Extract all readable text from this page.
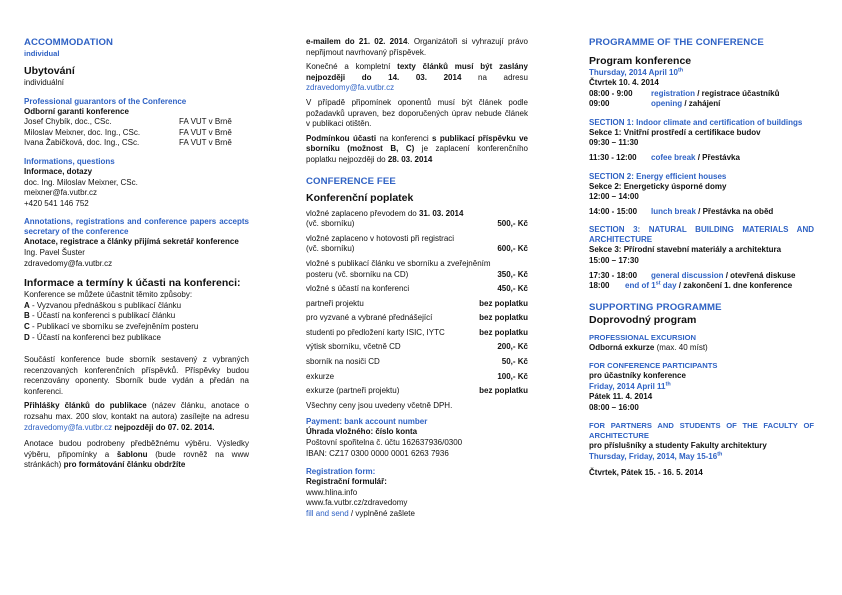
ACCOMMODATION
individual
Ubytování
individuální
Professional guarantors of the Conference
Odborní garanti konference
Josef Chybík, doc., CSc.	FA VUT v Brně
Miloslav Meixner, doc. Ing., CSc.	FA VUT v Brně
Ivana Žabičková, doc. Ing., CSc.	FA VUT v Brně
Informations, questions
Informace, dotazy
doc. Ing. Miloslav Meixner, CSc.
meixner@fa.vutbr.cz
+420 541 146 752
Annotations, registrations and conference papers accepts secretary of the conference
Anotace, registrace a články přijímá sekretář konference
Ing. Pavel Šuster
zdravedomy@fa.vutbr.cz
Informace a termíny k účasti na konferenci:
Konference se můžete účastnit těmito způsoby:
A - Vyzvanou přednáškou s publikací článku
B - Účastí na konferenci s publikací článku
C - Publikací ve sborníku se zveřejněním posteru
D - Účastí na konferenci bez publikace
Součástí konference bude sborník sestavený z vybraných recenzovaných konferenčních příspěvků. Příspěvky budou recenzovány oponenty. Sborník bude vydán a předán na konferenci.
Přihlášky článků do publikace (název článku, anotace o rozsahu max. 200 slov, kontakt na autora) zasílejte na adresu zdravedomy@fa.vutbr.cz nejpozději do 07. 02. 2014.
Anotace budou podrobeny předběžnému výběru. Výsledky výběru, připomínky a šablonu (bude rovněž na www stránkách) pro formátování článku obdržíte
e-mailem do 21. 02. 2014. Organizátoři si vyhrazují právo nepřijmout navrhovaný příspěvek.
Konečné a kompletní texty článků musí být zaslány nejpozději do 14. 03. 2014 na adresu zdravedomy@fa.vutbr.cz
V případě připomínek oponentů musí být článek podle požadavků upraven, bez doporučených úprav nebude článek v publikaci otištěn.
Podmínkou účasti na konferenci s publikací příspěvku ve sborníku (možnost B, C) je zaplacení konferenčního poplatku nejpozději do 28. 03. 2014
CONFERENCE FEE
Konferenční poplatek
vložné zaplaceno převodem do 31. 03. 2014
(vč. sborníku)	500,- Kč
vložné zaplaceno v hotovosti při registraci
(vč. sborníku)	600,- Kč
vložné s publikací článku ve sborníku a zveřejněním
posteru (vč. sborníku na CD)	350,- Kč
vložné s účastí na konferenci	450,- Kč
partneři projektu	bez poplatku
pro vyzvané a vybrané přednášející	bez poplatku
studenti po předložení karty ISIC, IYTC	bez poplatku
výtisk sborníku, včetně CD	200,- Kč
sborník na nosiči CD	50,- Kč
exkurze	100,- Kč
exkurze (partneři projektu)	bez poplatku
Všechny ceny jsou uvedeny včetně DPH.
Payment: bank account number
Úhrada vložného: číslo konta
Poštovní spořitelna č. účtu 162637936/0300
IBAN: CZ17 0300 0000 0001 6263 7936
Registration form:
Registrační formulář:
www.hlina.info
www.fa.vutbr.cz/zdravedomy
fill and send / vyplněné zašlete
PROGRAMME OF THE CONFERENCE
Program konference
Thursday, 2014 April 10th
Čtvrtek 10. 4. 2014
08:00 - 9:00	registration / registrace účastníků
09:00	opening / zahájení
SECTION 1: Indoor climate and certification of buildings
Sekce 1: Vnitřní prostředí a certifikace budov
09:30 – 11:30
11:30 - 12:00	cofee break / Přestávka
SECTION 2: Energy efficient houses
Sekce 2: Energeticky úsporné domy
12:00 – 14:00
14:00 - 15:00	lunch break / Přestávka na oběd
SECTION 3: NATURAL BUILDING MATERIALS AND ARCHITECTURE
Sekce 3: Přírodní stavební materiály a architektura
15:00 – 17:30
17:30 - 18:00	general discussion / otevřená diskuse
18:00	end of 1st day / zakončení 1. dne konference
SUPPORTING PROGRAMME
Doprovodný program
PROFESSIONAL EXCURSION
Odborná exkurze (max. 40 míst)
FOR CONFERENCE PARTICIPANTS
pro účastníky konference
Friday, 2014 April 11th
Pátek 11. 4. 2014
08:00 – 16:00
FOR PARTNERS AND STUDENTS OF THE FACULTY OF ARCHITECTURE
pro příslušníky a studenty Fakulty architektury
Thursday, Friday, 2014, May 15-16th
Čtvrtek, Pátek 15. - 16. 5. 2014
